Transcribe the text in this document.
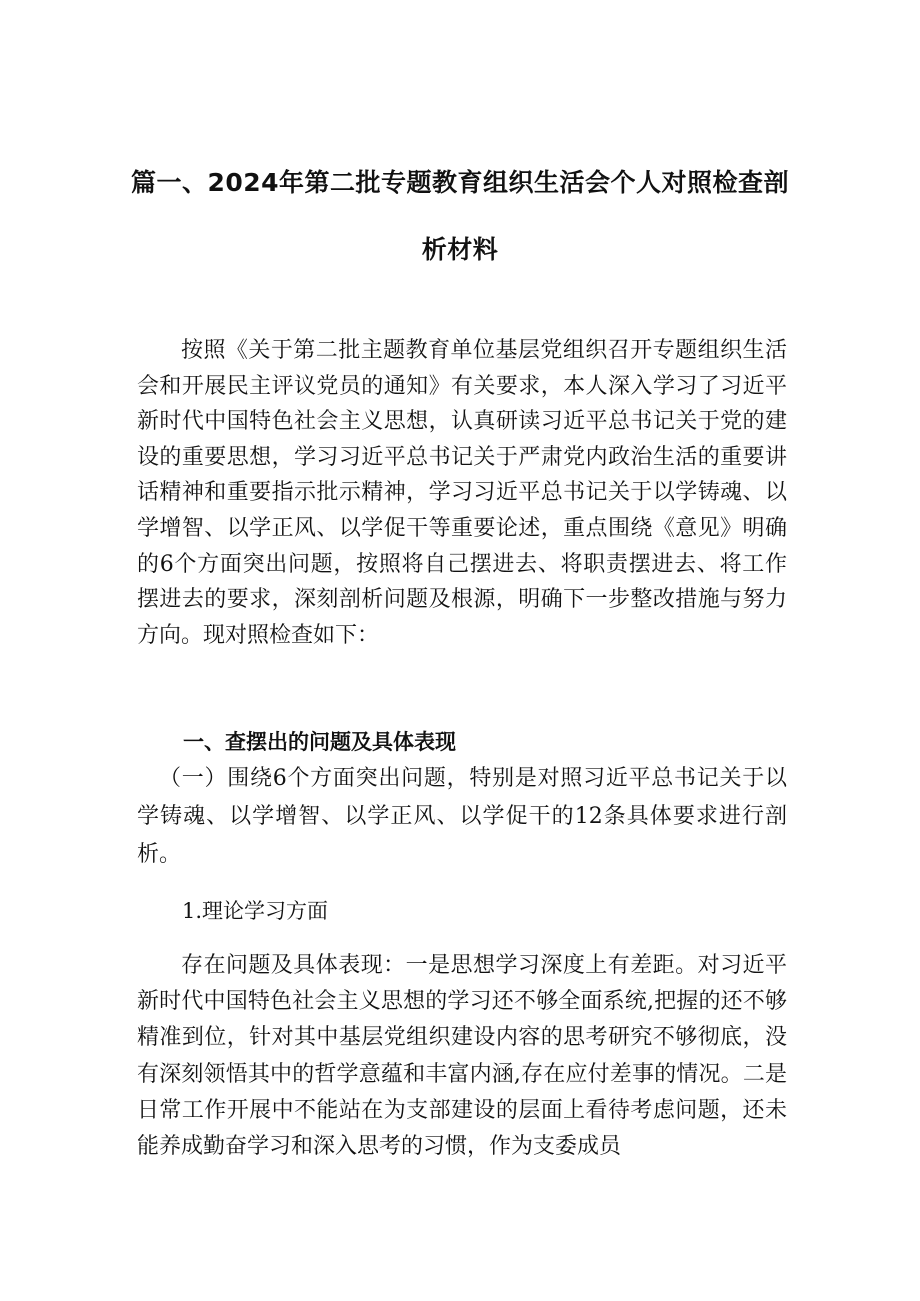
篇一、2024年第二批专题教育组织生活会个人对照检查剖
析材料

按照《关于第二批主题教育单位基层党组织召开专题组织生活会和开展民主评议党员的通知》有关要求，本人深入学习了习近平新时代中国特色社会主义思想，认真研读习近平总书记关于党的建设的重要思想，学习习近平总书记关于严肃党内政治生活的重要讲话精神和重要指示批示精神，学习习近平总书记关于以学铸魂、以学增智、以学正风、以学促干等重要论述，重点围绕《意见》明确的6个方面突出问题，按照将自己摆进去、将职责摆进去、将工作摆进去的要求，深刻剖析问题及根源，明确下一步整改措施与努力方向。现对照检查如下：

一、查摆出的问题及具体表现

（一）围绕6个方面突出问题，特别是对照习近平总书记关于以学铸魂、以学增智、以学正风、以学促干的12条具体要求进行剖析。

1.理论学习方面

存在问题及具体表现：一是思想学习深度上有差距。对习近平新时代中国特色社会主义思想的学习还不够全面系统,把握的还不够精准到位，针对其中基层党组织建设内容的思考研究不够彻底，没有深刻领悟其中的哲学意蕴和丰富内涵,存在应付差事的情况。二是日常工作开展中不能站在为支部建设的层面上看待考虑问题，还未能养成勤奋学习和深入思考的习惯，作为支委成员
